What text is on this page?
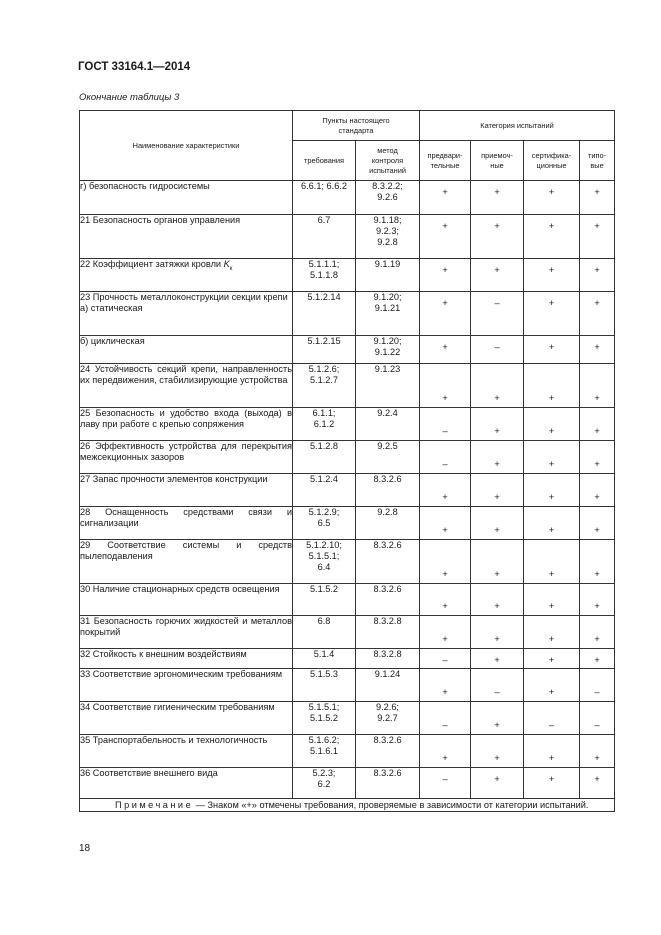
ГОСТ 33164.1—2014
Окончание таблицы 3
Наименование характеристики	Пункты настоящего стандарта		Категория испытаний			
	требования	метод контроля испытаний	предвари-тельные	приемоч-ные	сертифика-ционные	типо-вые

г) безопасность гидросистемы	6.6.1; 6.6.2	8.3.2.2;
9.2.6	+	+	+	+

21 Безопасность органов управления	6.7	9.1.18;
9.2.3;
9.2.8	+	+	+	+

22 Коэффициент затяжки кровли $K_к$	5.1.1.1;
5.1.1.8	9.1.19	+	+	+	+

23 Прочность металлоконструкции секции крепи
а) статическая	5.1.2.14	9.1.20;
9.1.21	+	–	+	+

б) циклическая	5.1.2.15	9.1.20;
9.1.22	+	–	+	+

24 Устойчивость секций крепи, направленность их передвижения, стабилизирующие устройства	5.1.2.6;
5.1.2.7	9.1.23	+	+	+	+

25 Безопасность и удобство входа (выхода) в лаву при работе с крепью сопряжения	6.1.1;
6.1.2	9.2.4	–	+	+	+

26 Эффективность устройства для перекрытия межсекционных зазоров	5.1.2.8	9.2.5	–	+	+	+

27 Запас прочности элементов конструкции	5.1.2.4	8.3.2.6	+	+	+	+

28 Оснащенность средствами связи и сигнализации	5.1.2.9;
6.5	9.2.8	+	+	+	+

29 Соответствие системы и средств пылеподавления	5.1.2.10;
5.1.5.1;
6.4	8.3.2.6	+	+	+	+

30 Наличие стационарных средств освещения	5.1.5.2	8.3.2.6	+	+	+	+

31 Безопасность горючих жидкостей и металлов покрытий	6.8	8.3.2.8	+	+	+	+

32 Стойкость к внешним воздействиям	5.1.4	8.3.2.8	–	+	+	+

33 Соответствие эргономическим требованиям	5.1.5.3	9.1.24	+	–	+	–

34 Соответствие гигиеническим требованиям	5.1.5.1;
5.1.5.2	9.2.6;
9.2.7	–	+	–	–

35 Транспортабельность и технологичность	5.1.6.2;
5.1.6.1	8.3.2.6	+	+	+	+

36 Соответствие внешнего вида	5.2.3;
6.2	8.3.2.6	–	+	+	+
Примечание — Знаком «+» отмечены требования, проверяемые в зависимости от категории испытаний.						
18
